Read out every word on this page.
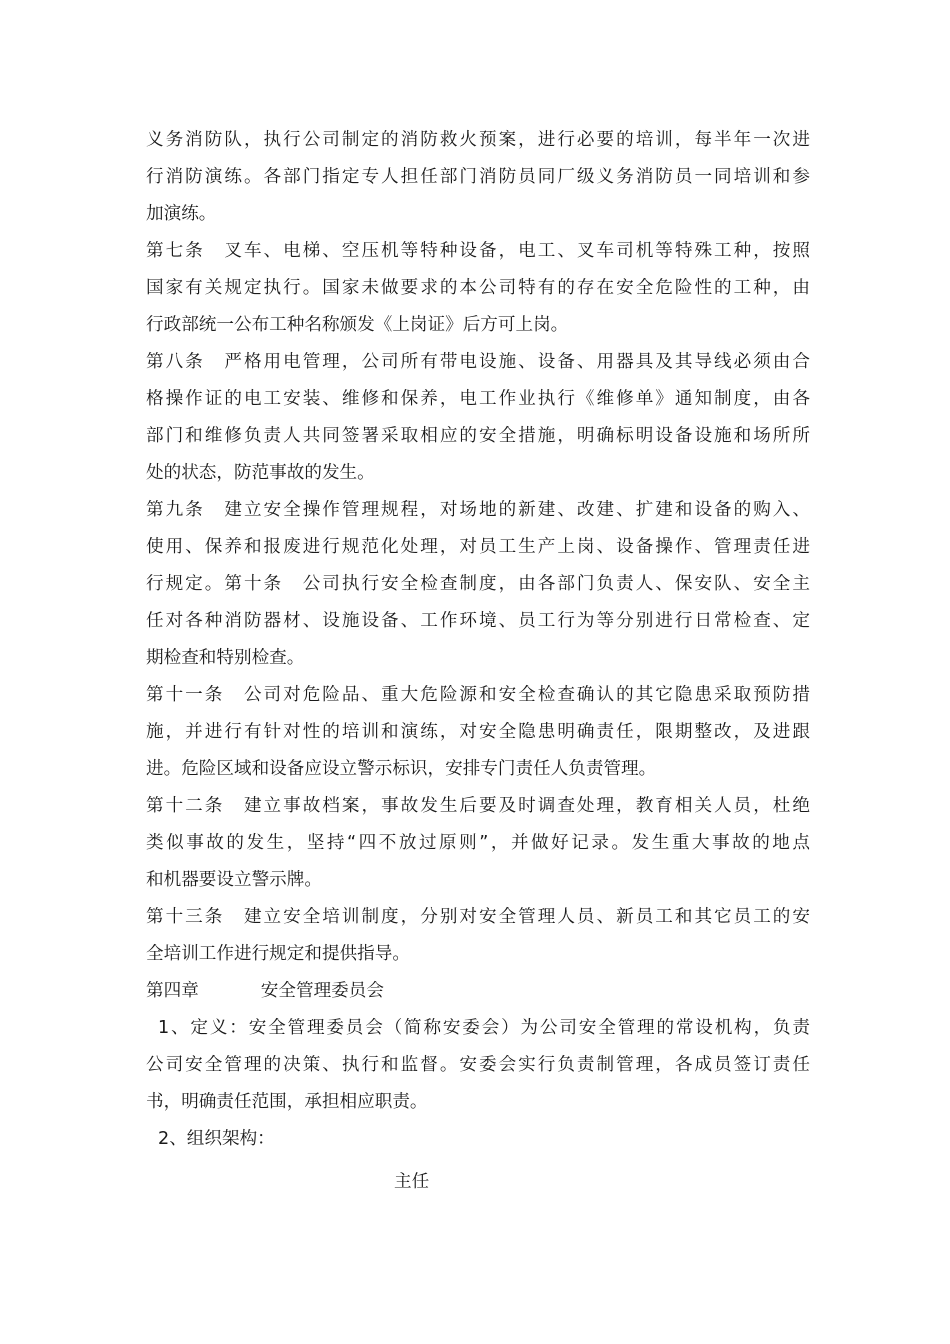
义务消防队，执行公司制定的消防救火预案，进行必要的培训，每半年一次进
行消防演练。各部门指定专人担任部门消防员同厂级义务消防员一同培训和参
加演练。
第七条　叉车、电梯、空压机等特种设备，电工、叉车司机等特殊工种，按照
国家有关规定执行。国家未做要求的本公司特有的存在安全危险性的工种，由
行政部统一公布工种名称颁发《上岗证》后方可上岗。
第八条　严格用电管理，公司所有带电设施、设备、用器具及其导线必须由合
格操作证的电工安装、维修和保养，电工作业执行《维修单》通知制度，由各
部门和维修负责人共同签署采取相应的安全措施，明确标明设备设施和场所所
处的状态，防范事故的发生。
第九条　建立安全操作管理规程，对场地的新建、改建、扩建和设备的购入、
使用、保养和报废进行规范化处理，对员工生产上岗、设备操作、管理责任进
行规定。第十条　公司执行安全检查制度，由各部门负责人、保安队、安全主
任对各种消防器材、设施设备、工作环境、员工行为等分别进行日常检查、定
期检查和特别检查。
第十一条　公司对危险品、重大危险源和安全检查确认的其它隐患采取预防措
施，并进行有针对性的培训和演练，对安全隐患明确责任，限期整改，及进跟
进。危险区域和设备应设立警示标识，安排专门责任人负责管理。
第十二条　建立事故档案，事故发生后要及时调查处理，教育相关人员，杜绝
类似事故的发生，坚持“四不放过原则”，并做好记录。发生重大事故的地点
和机器要设立警示牌。
第十三条　建立安全培训制度，分别对安全管理人员、新员工和其它员工的安
全培训工作进行规定和提供指导。
第四章	安全管理委员会
1、定义：安全管理委员会（简称安委会）为公司安全管理的常设机构，负责
公司安全管理的决策、执行和监督。安委会实行负责制管理，各成员签订责任
书，明确责任范围，承担相应职责。
2、组织架构：
主任
